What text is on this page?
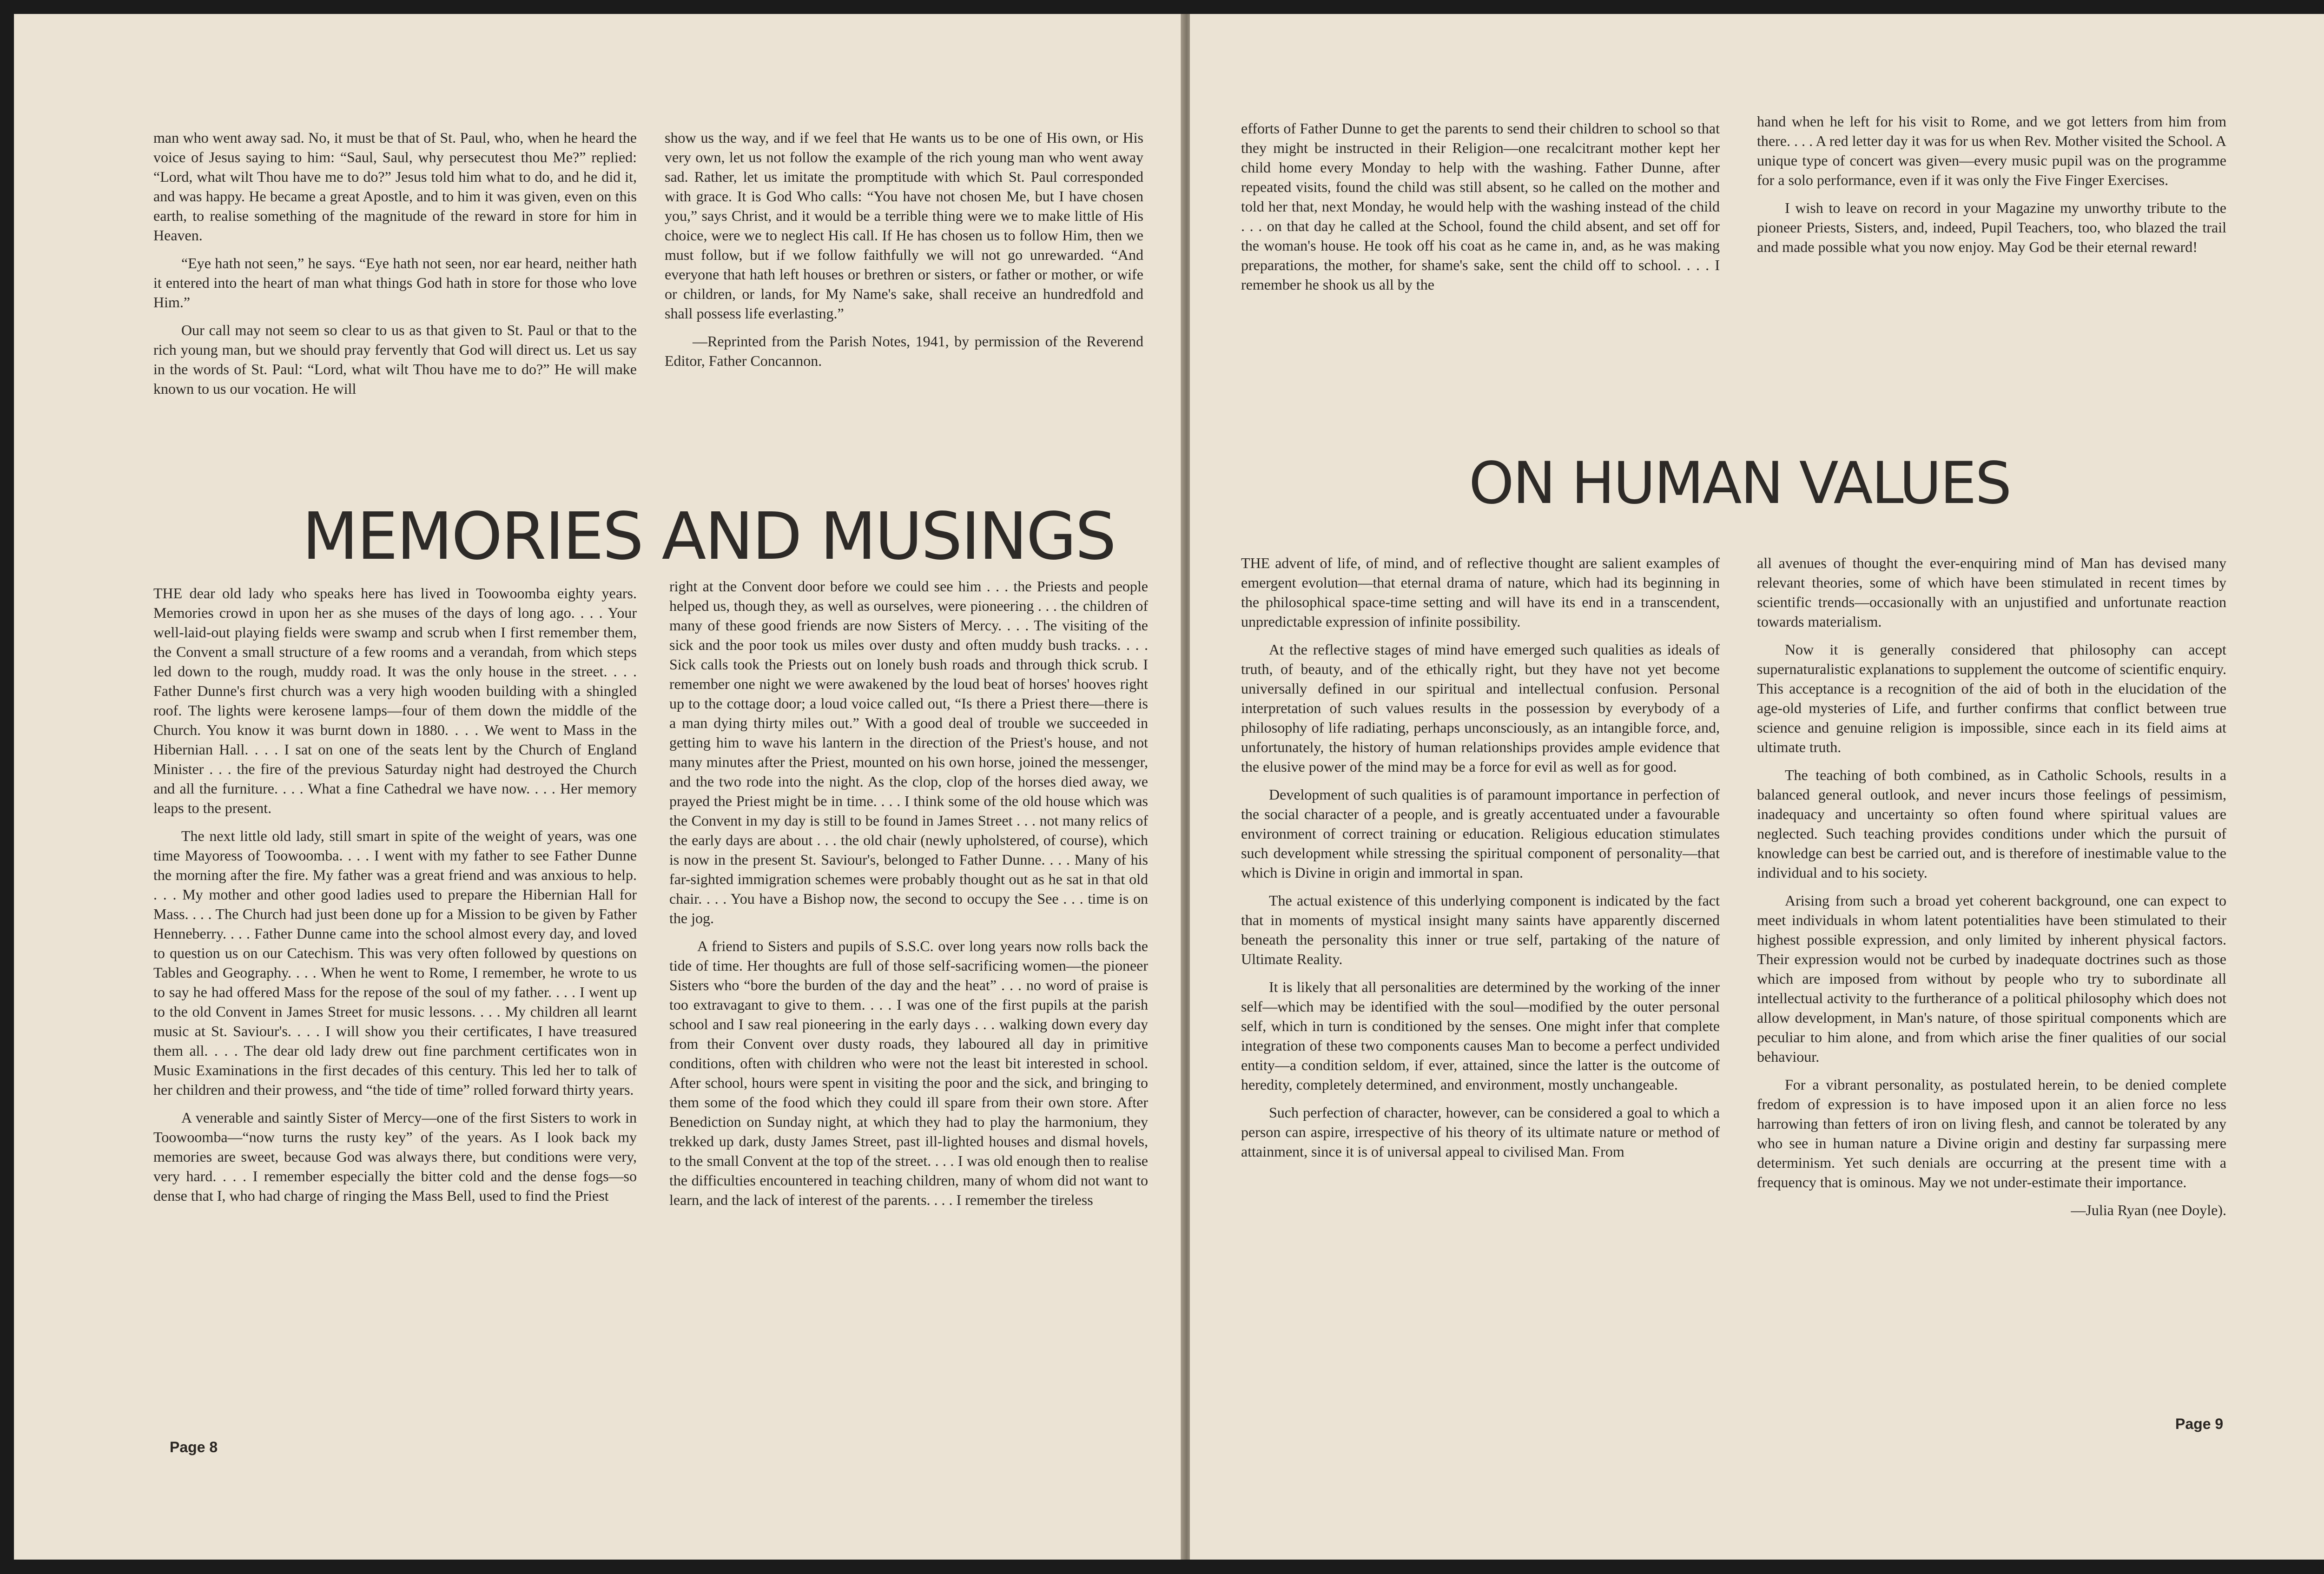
man who went away sad. No, it must be that of St. Paul, who, when he heard the voice of Jesus saying to him: “Saul, Saul, why persecutest thou Me?” replied: “Lord, what wilt Thou have me to do?” Jesus told him what to do, and he did it, and was happy. He became a great Apostle, and to him it was given, even on this earth, to realise something of the magnitude of the reward in store for him in Heaven.

“Eye hath not seen,” he says. “Eye hath not seen, nor ear heard, neither hath it entered into the heart of man what things God hath in store for those who love Him.”

Our call may not seem so clear to us as that given to St. Paul or that to the rich young man, but we should pray fervently that God will direct us. Let us say in the words of St. Paul: “Lord, what wilt Thou have me to do?” He will make known to us our vocation. He will

show us the way, and if we feel that He wants us to be one of His own, or His very own, let us not follow the example of the rich young man who went away sad. Rather, let us imitate the promptitude with which St. Paul corresponded with grace. It is God Who calls: “You have not chosen Me, but I have chosen you,” says Christ, and it would be a terrible thing were we to make little of His choice, were we to neglect His call. If He has chosen us to follow Him, then we must follow, but if we follow faithfully we will not go unrewarded. “And everyone that hath left houses or brethren or sisters, or father or mother, or wife or children, or lands, for My Name's sake, shall receive an hundredfold and shall possess life everlasting.”

—Reprinted from the Parish Notes, 1941, by permission of the Reverend Editor, Father Concannon.

MEMORIES AND MUSINGS

THE dear old lady who speaks here has lived in Toowoomba eighty years. Memories crowd in upon her as she muses of the days of long ago. . . . Your well-laid-out playing fields were swamp and scrub when I first remember them, the Convent a small structure of a few rooms and a verandah, from which steps led down to the rough, muddy road. It was the only house in the street. . . . Father Dunne's first church was a very high wooden building with a shingled roof. The lights were kerosene lamps—four of them down the middle of the Church. You know it was burnt down in 1880. . . . We went to Mass in the Hibernian Hall. . . . I sat on one of the seats lent by the Church of England Minister . . . the fire of the previous Saturday night had destroyed the Church and all the furniture. . . . What a fine Cathedral we have now. . . . Her memory leaps to the present.

The next little old lady, still smart in spite of the weight of years, was one time Mayoress of Toowoomba. . . . I went with my father to see Father Dunne the morning after the fire. My father was a great friend and was anxious to help. . . . My mother and other good ladies used to prepare the Hibernian Hall for Mass. . . . The Church had just been done up for a Mission to be given by Father Henneberry. . . . Father Dunne came into the school almost every day, and loved to question us on our Catechism. This was very often followed by questions on Tables and Geography. . . . When he went to Rome, I remember, he wrote to us to say he had offered Mass for the repose of the soul of my father. . . . I went up to the old Convent in James Street for music lessons. . . . My children all learnt music at St. Saviour's. . . . I will show you their certificates, I have treasured them all. . . . The dear old lady drew out fine parchment certificates won in Music Examinations in the first decades of this century. This led her to talk of her children and their prowess, and “the tide of time” rolled forward thirty years.

A venerable and saintly Sister of Mercy—one of the first Sisters to work in Toowoomba—“now turns the rusty key” of the years. As I look back my memories are sweet, because God was always there, but conditions were very, very hard. . . . I remember especially the bitter cold and the dense fogs—so dense that I, who had charge of ringing the Mass Bell, used to find the Priest

right at the Convent door before we could see him . . . the Priests and people helped us, though they, as well as ourselves, were pioneering . . . the children of many of these good friends are now Sisters of Mercy. . . . The visiting of the sick and the poor took us miles over dusty and often muddy bush tracks. . . . Sick calls took the Priests out on lonely bush roads and through thick scrub. I remember one night we were awakened by the loud beat of horses' hooves right up to the cottage door; a loud voice called out, “Is there a Priest there—there is a man dying thirty miles out.” With a good deal of trouble we succeeded in getting him to wave his lantern in the direction of the Priest's house, and not many minutes after the Priest, mounted on his own horse, joined the messenger, and the two rode into the night. As the clop, clop of the horses died away, we prayed the Priest might be in time. . . . I think some of the old house which was the Convent in my day is still to be found in James Street . . . not many relics of the early days are about . . . the old chair (newly upholstered, of course), which is now in the present St. Saviour's, belonged to Father Dunne. . . . Many of his far-sighted immigration schemes were probably thought out as he sat in that old chair. . . . You have a Bishop now, the second to occupy the See . . . time is on the jog.

A friend to Sisters and pupils of S.S.C. over long years now rolls back the tide of time. Her thoughts are full of those self-sacrificing women—the pioneer Sisters who “bore the burden of the day and the heat” . . . no word of praise is too extravagant to give to them. . . . I was one of the first pupils at the parish school and I saw real pioneering in the early days . . . walking down every day from their Convent over dusty roads, they laboured all day in primitive conditions, often with children who were not the least bit interested in school. After school, hours were spent in visiting the poor and the sick, and bringing to them some of the food which they could ill spare from their own store. After Benediction on Sunday night, at which they had to play the harmonium, they trekked up dark, dusty James Street, past ill-lighted houses and dismal hovels, to the small Convent at the top of the street. . . . I was old enough then to realise the difficulties encountered in teaching children, many of whom did not want to learn, and the lack of interest of the parents. . . . I remember the tireless

Page 8

efforts of Father Dunne to get the parents to send their children to school so that they might be instructed in their Religion—one recalcitrant mother kept her child home every Monday to help with the washing. Father Dunne, after repeated visits, found the child was still absent, so he called on the mother and told her that, next Monday, he would help with the washing instead of the child . . . on that day he called at the School, found the child absent, and set off for the woman's house. He took off his coat as he came in, and, as he was making preparations, the mother, for shame's sake, sent the child off to school. . . . I remember he shook us all by the

hand when he left for his visit to Rome, and we got letters from him from there. . . . A red letter day it was for us when Rev. Mother visited the School. A unique type of concert was given—every music pupil was on the programme for a solo performance, even if it was only the Five Finger Exercises.

I wish to leave on record in your Magazine my unworthy tribute to the pioneer Priests, Sisters, and, indeed, Pupil Teachers, too, who blazed the trail and made possible what you now enjoy. May God be their eternal reward!

ON HUMAN VALUES

THE advent of life, of mind, and of reflective thought are salient examples of emergent evolution—that eternal drama of nature, which had its beginning in the philosophical space-time setting and will have its end in a transcendent, unpredictable expression of infinite possibility.

At the reflective stages of mind have emerged such qualities as ideals of truth, of beauty, and of the ethically right, but they have not yet become universally defined in our spiritual and intellectual confusion. Personal interpretation of such values results in the possession by everybody of a philosophy of life radiating, perhaps unconsciously, as an intangible force, and, unfortunately, the history of human relationships provides ample evidence that the elusive power of the mind may be a force for evil as well as for good.

Development of such qualities is of paramount importance in perfection of the social character of a people, and is greatly accentuated under a favourable environment of correct training or education. Religious education stimulates such development while stressing the spiritual component of personality—that which is Divine in origin and immortal in span.

The actual existence of this underlying component is indicated by the fact that in moments of mystical insight many saints have apparently discerned beneath the personality this inner or true self, partaking of the nature of Ultimate Reality.

It is likely that all personalities are determined by the working of the inner self—which may be identified with the soul—modified by the outer personal self, which in turn is conditioned by the senses. One might infer that complete integration of these two components causes Man to become a perfect undivided entity—a condition seldom, if ever, attained, since the latter is the outcome of heredity, completely determined, and environment, mostly unchangeable.

Such perfection of character, however, can be considered a goal to which a person can aspire, irrespective of his theory of its ultimate nature or method of attainment, since it is of universal appeal to civilised Man. From

all avenues of thought the ever-enquiring mind of Man has devised many relevant theories, some of which have been stimulated in recent times by scientific trends—occasionally with an unjustified and unfortunate reaction towards materialism.

Now it is generally considered that philosophy can accept supernaturalistic explanations to supplement the outcome of scientific enquiry. This acceptance is a recognition of the aid of both in the elucidation of the age-old mysteries of Life, and further confirms that conflict between true science and genuine religion is impossible, since each in its field aims at ultimate truth.

The teaching of both combined, as in Catholic Schools, results in a balanced general outlook, and never incurs those feelings of pessimism, inadequacy and uncertainty so often found where spiritual values are neglected. Such teaching provides conditions under which the pursuit of knowledge can best be carried out, and is therefore of inestimable value to the individual and to his society.

Arising from such a broad yet coherent background, one can expect to meet individuals in whom latent potentialities have been stimulated to their highest possible expression, and only limited by inherent physical factors. Their expression would not be curbed by inadequate doctrines such as those which are imposed from without by people who try to subordinate all intellectual activity to the furtherance of a political philosophy which does not allow development, in Man's nature, of those spiritual components which are peculiar to him alone, and from which arise the finer qualities of our social behaviour.

For a vibrant personality, as postulated herein, to be denied complete fredom of expression is to have imposed upon it an alien force no less harrowing than fetters of iron on living flesh, and cannot be tolerated by any who see in human nature a Divine origin and destiny far surpassing mere determinism. Yet such denials are occurring at the present time with a frequency that is ominous. May we not under-estimate their importance.

—Julia Ryan (nee Doyle).

Page 9
